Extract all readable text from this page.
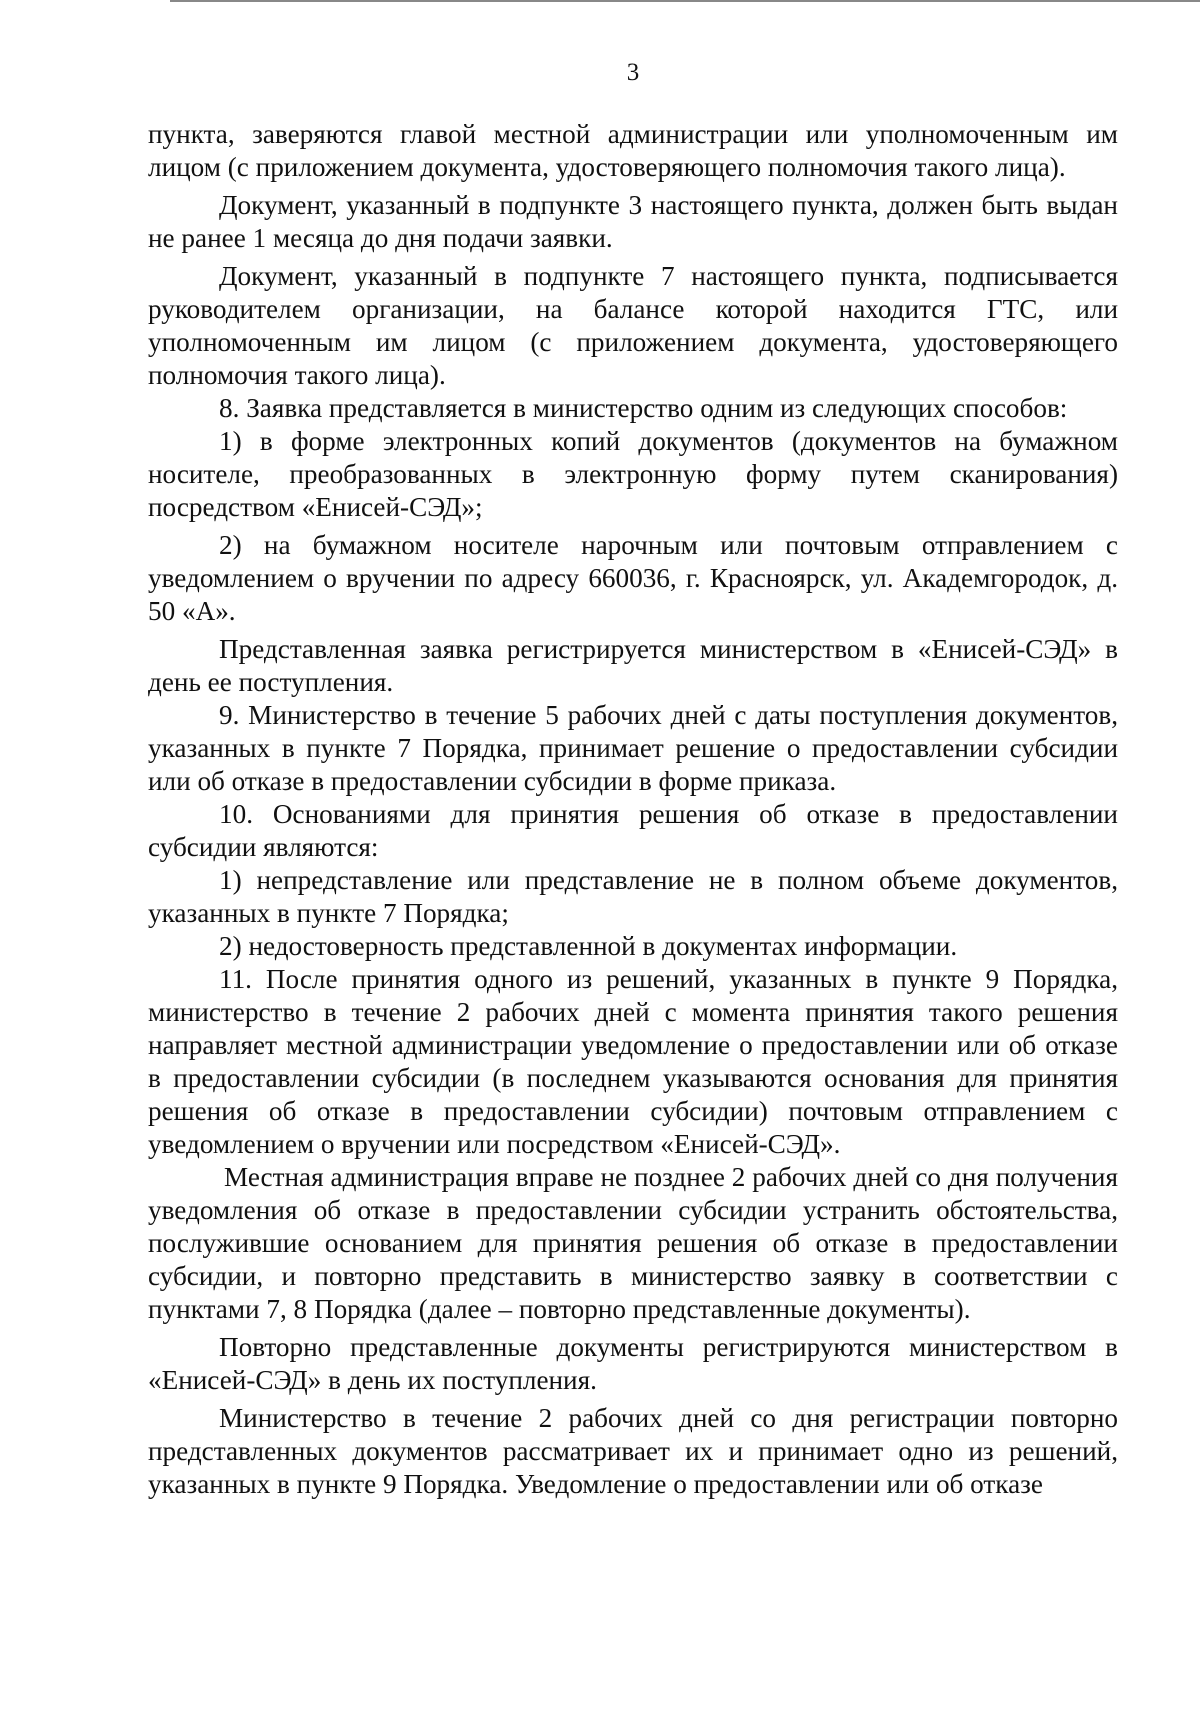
3

пункта, заверяются главой местной администрации или уполномоченным им лицом (с приложением документа, удостоверяющего полномочия такого лица).

Документ, указанный в подпункте 3 настоящего пункта, должен быть выдан не ранее 1 месяца до дня подачи заявки.

Документ, указанный в подпункте 7 настоящего пункта, подписывается руководителем организации, на балансе которой находится ГТС, или уполномоченным им лицом (с приложением документа, удостоверяющего полномочия такого лица).

8. Заявка представляется в министерство одним из следующих способов:

1) в форме электронных копий документов (документов на бумажном носителе, преобразованных в электронную форму путем сканирования) посредством «Енисей-СЭД»;

2) на бумажном носителе нарочным или почтовым отправлением с уведомлением о вручении по адресу 660036, г. Красноярск, ул. Академгородок, д. 50 «А».

Представленная заявка регистрируется министерством в «Енисей-СЭД» в день ее поступления.

9. Министерство в течение 5 рабочих дней с даты поступления документов, указанных в пункте 7 Порядка, принимает решение о предоставлении субсидии или об отказе в предоставлении субсидии в форме приказа.

10. Основаниями для принятия решения об отказе в предоставлении субсидии являются:

1) непредставление или представление не в полном объеме документов, указанных в пункте 7 Порядка;

2) недостоверность представленной в документах информации.

11. После принятия одного из решений, указанных в пункте 9 Порядка, министерство в течение 2 рабочих дней с момента принятия такого решения направляет местной администрации уведомление о предоставлении или об отказе в предоставлении субсидии (в последнем указываются основания для принятия решения об отказе в предоставлении субсидии) почтовым отправлением с уведомлением о вручении или посредством «Енисей-СЭД».

Местная администрация вправе не позднее 2 рабочих дней со дня получения уведомления об отказе в предоставлении субсидии устранить обстоятельства, послужившие основанием для принятия решения об отказе в предоставлении субсидии, и повторно представить в министерство заявку в соответствии с пунктами 7, 8 Порядка (далее – повторно представленные документы).

Повторно представленные документы регистрируются министерством в «Енисей-СЭД» в день их поступления.

Министерство в течение 2 рабочих дней со дня регистрации повторно представленных документов рассматривает их и принимает одно из решений, указанных в пункте 9 Порядка. Уведомление о предоставлении или об отказе
